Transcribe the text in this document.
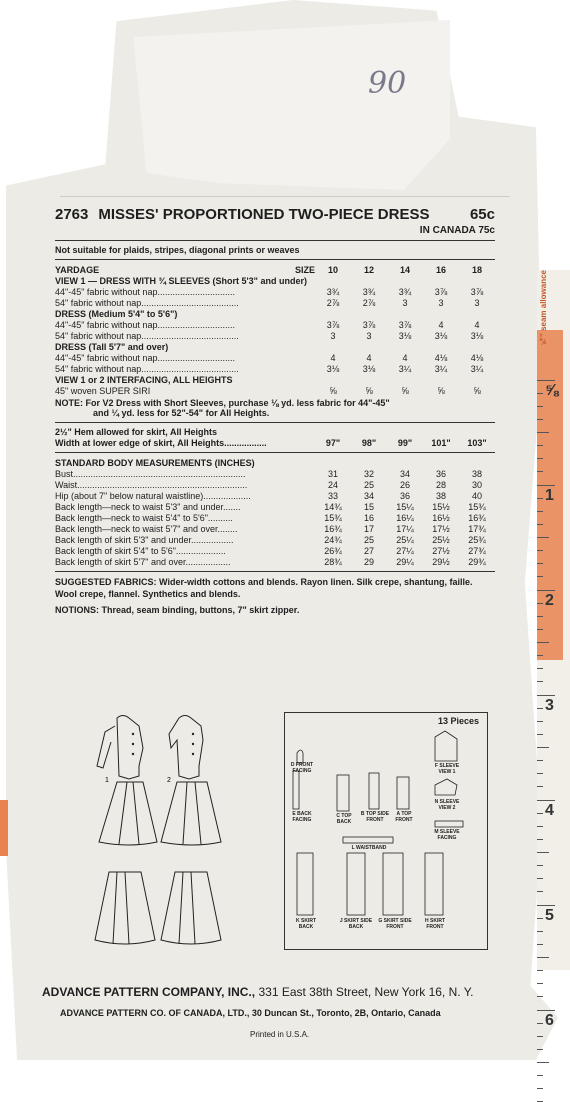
90
2763 MISSES' PROPORTIONED TWO-PIECE DRESS	65c
IN CANADA 75c
Not suitable for plaids, stripes, diagonal prints or weaves
YARDAGE SIZE	10	12	14	16	18
VIEW 1 — DRESS WITH ¾ SLEEVES (Short 5'3" and under)					
44"-45" fabric without nap...............................	3¾	3¾	3¾	3⅞	3⅞
54" fabric without nap.......................................	2⅞	2⅞	3	3	3
DRESS (Medium 5'4" to 5'6")					
44"-45" fabric without nap...............................	3⅞	3⅞	3⅞	4	4
54" fabric without nap.......................................	3	3	3⅛	3⅛	3⅛
DRESS (Tall 5'7" and over)					
44"-45" fabric without nap...............................	4	4	4	4⅛	4⅛
54" fabric without nap.......................................	3⅛	3⅛	3¼	3¼	3¼
VIEW 1 or 2 INTERFACING, ALL HEIGHTS					
45" woven SUPER SIRI	⅝	⅝	⅝	⅝	⅝
NOTE: For V2 Dress with Short Sleeves, purchase ⅛ yd. less fabric for 44"-45"
and ¼ yd. less for 52"-54" for All Heights.
2½" Hem allowed for skirt, All Heights
Width at lower edge of skirt, All Heights.................	97"	98"	99"	101"	103"
STANDARD BODY MEASUREMENTS (INCHES)					
Bust.....................................................................	31	32	34	36	38
Waist....................................................................	24	25	26	28	30
Hip (about 7" below natural waistline)...................	33	34	36	38	40
Back length—neck to waist 5'3" and under.......	14¾	15	15¼	15½	15¾
Back length—neck to waist 5'4" to 5'6"..........	15¾	16	16¼	16½	16¾
Back length—neck to waist 5'7" and over........	16¾	17	17¼	17½	17¾
Back length of skirt 5'3" and under.................	24¾	25	25¼	25½	25¾
Back length of skirt 5'4" to 5'6"....................	26¾	27	27¼	27½	27¾
Back length of skirt 5'7" and over..................	28¾	29	29¼	29½	29¾
SUGGESTED FABRICS: Wider-width cottons and blends. Rayon linen. Silk crepe, shantung, faille. Wool crepe, flannel. Synthetics and blends.
NOTIONS: Thread, seam binding, buttons, 7" skirt zipper.
1	2
13 Pieces
D FRONT FACING
E BACK FACING
C TOP BACK
B TOP SIDE FRONT
A TOP FRONT
F SLEEVE VIEW 1
N SLEEVE VIEW 2
M SLEEVE FACING
L WAISTBAND
K SKIRT BACK
J SKIRT SIDE BACK
G SKIRT SIDE FRONT
H SKIRT FRONT
ADVANCE PATTERN COMPANY, INC., 331 East 38th Street, New York 16, N. Y.
ADVANCE PATTERN CO. OF CANADA, LTD., 30 Duncan St., Toronto, 2B, Ontario, Canada
Printed in U.S.A.
⅝" seam allowance
⅝
1
2
3
4
5
6
